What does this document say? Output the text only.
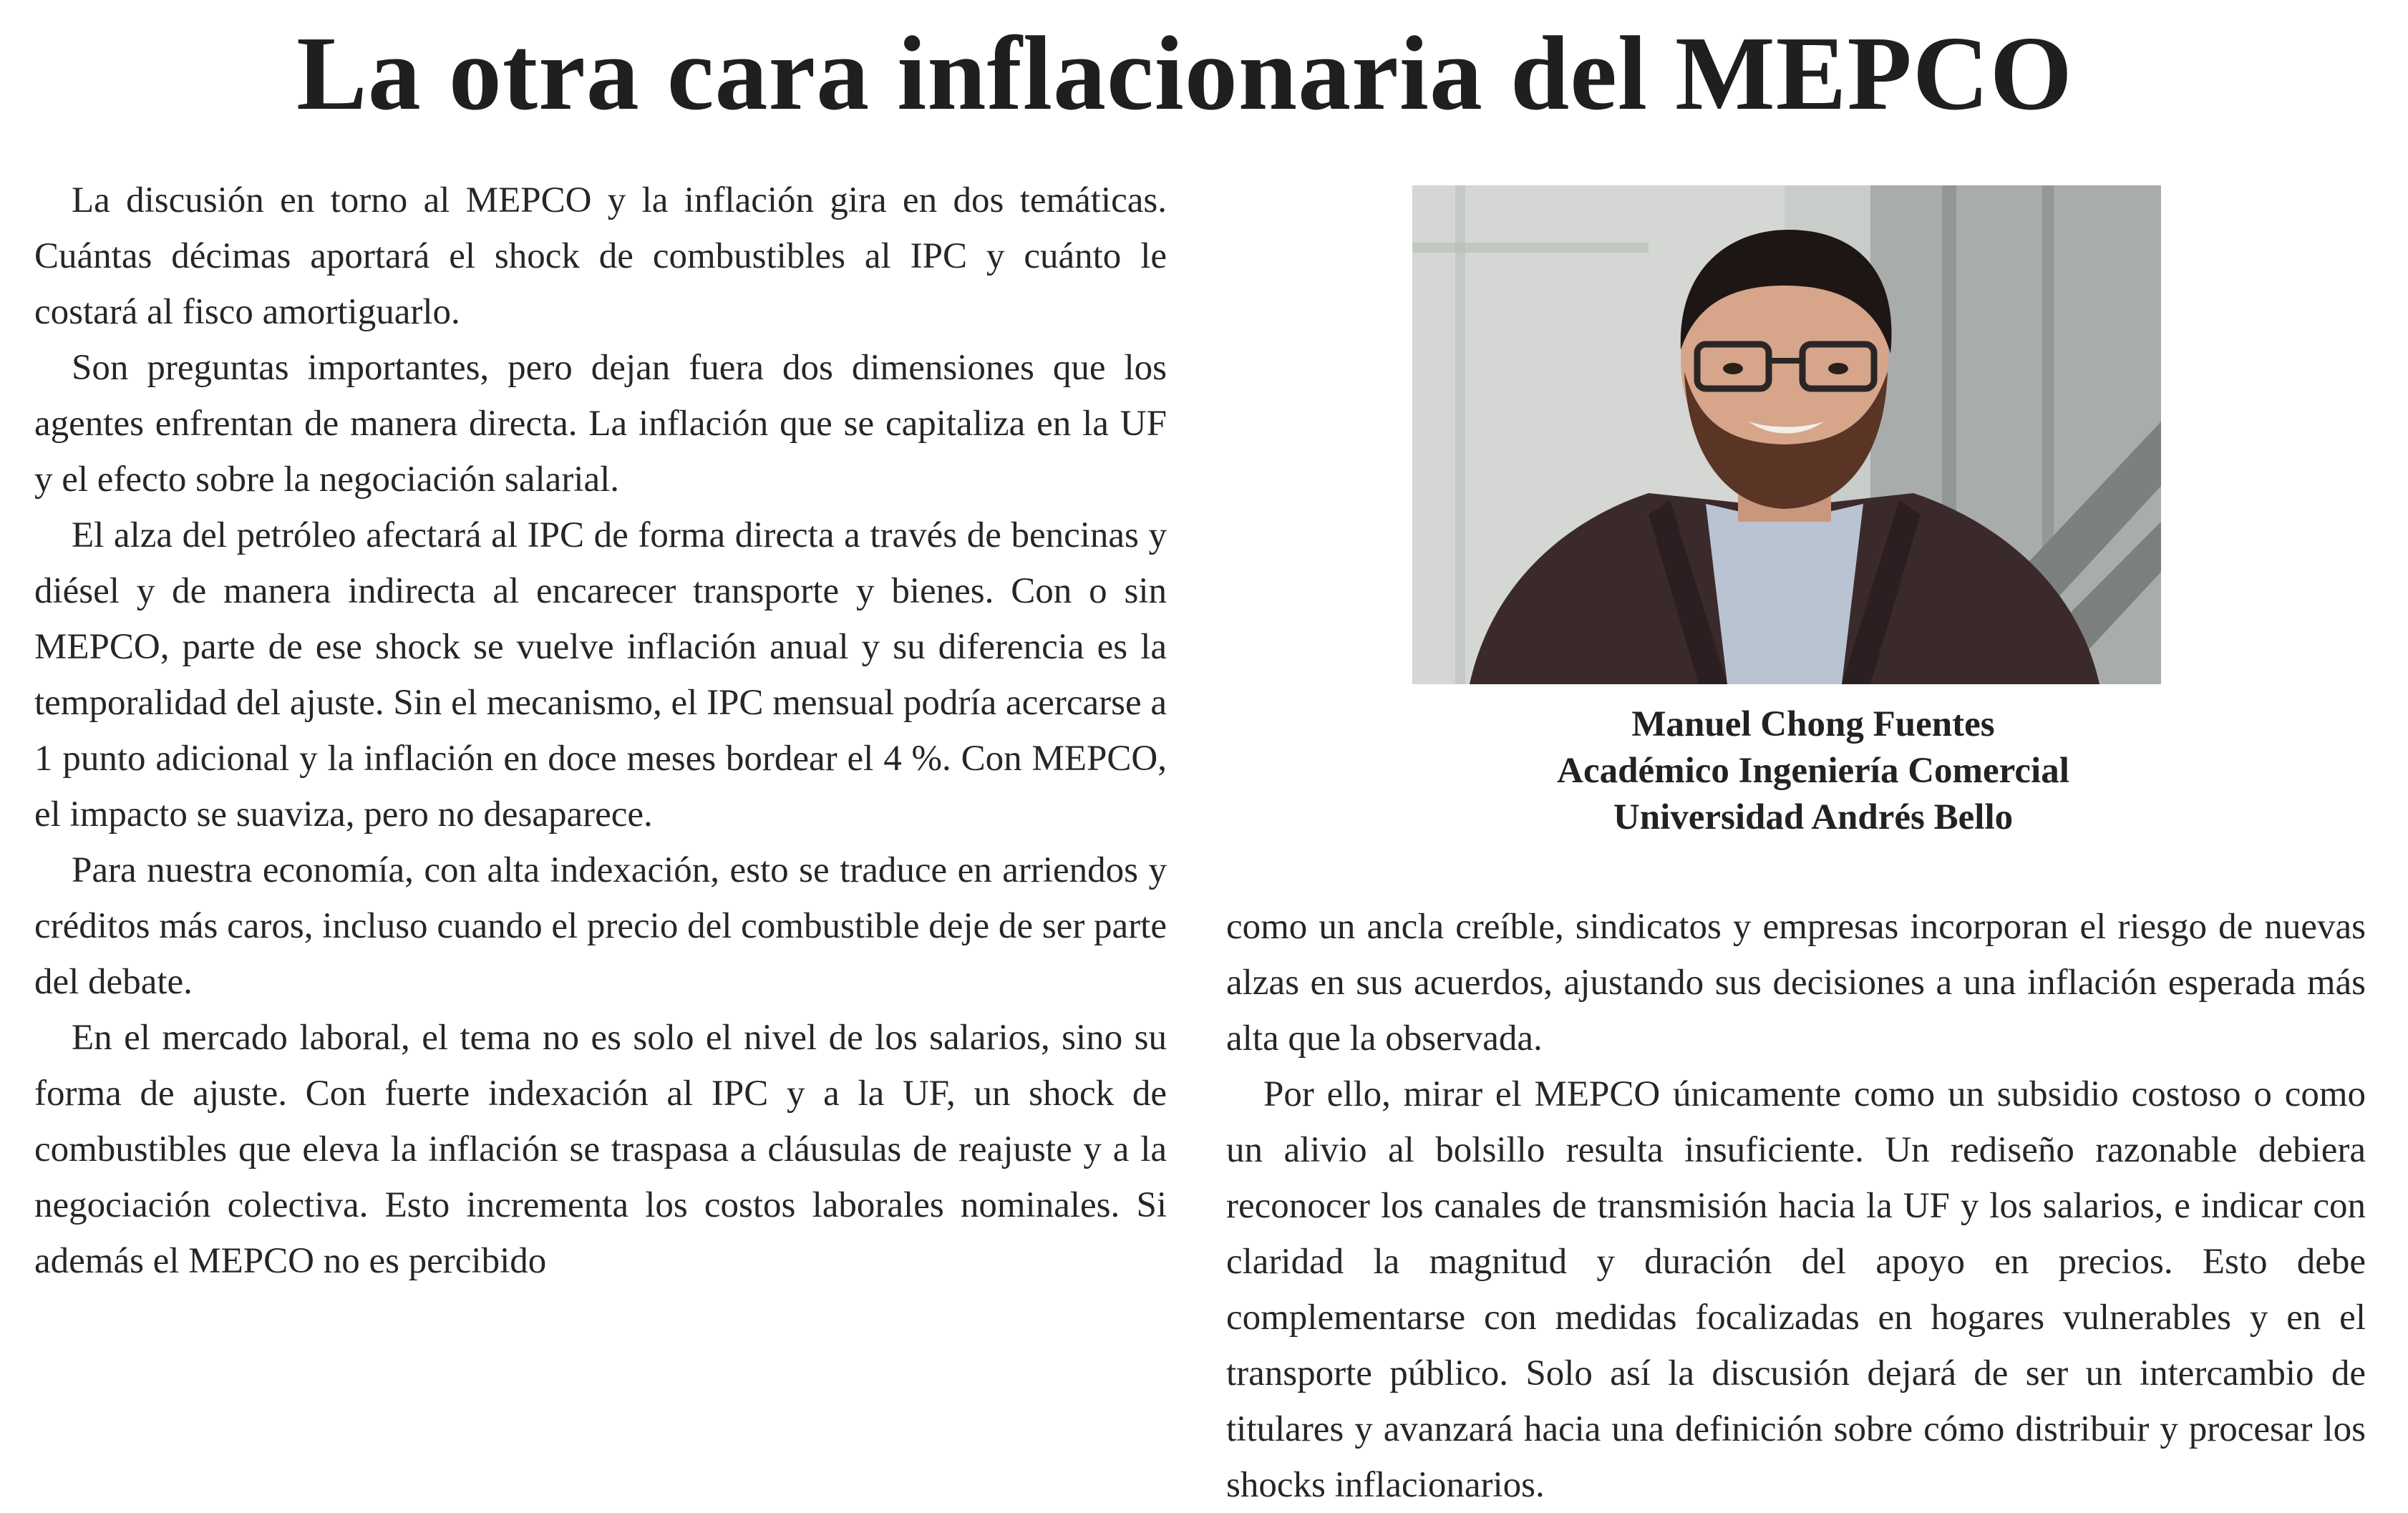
La otra cara inflacionaria del MEPCO

La discusión en torno al MEPCO y la inflación gira en dos temáticas. Cuántas décimas aportará el shock de combustibles al IPC y cuánto le costará al fisco amortiguarlo.

Son preguntas importantes, pero dejan fuera dos dimensiones que los agentes enfrentan de manera directa. La inflación que se capitaliza en la UF y el efecto sobre la negociación salarial.

El alza del petróleo afectará al IPC de forma directa a través de bencinas y diésel y de manera indirecta al encarecer transporte y bienes. Con o sin MEPCO, parte de ese shock se vuelve inflación anual y su diferencia es la temporalidad del ajuste. Sin el mecanismo, el IPC mensual podría acercarse a 1 punto adicional y la inflación en doce meses bordear el 4 %. Con MEPCO, el impacto se suaviza, pero no desaparece.

Para nuestra economía, con alta indexación, esto se traduce en arriendos y créditos más caros, incluso cuando el precio del combustible deje de ser parte del debate.

En el mercado laboral, el tema no es solo el nivel de los salarios, sino su forma de ajuste. Con fuerte indexación al IPC y a la UF, un shock de combustibles que eleva la inflación se traspasa a cláusulas de reajuste y a la negociación colectiva. Esto incrementa los costos laborales nominales. Si además el MEPCO no es percibido

Manuel Chong Fuentes
Académico Ingeniería Comercial
Universidad Andrés Bello

como un ancla creíble, sindicatos y empresas incorporan el riesgo de nuevas alzas en sus acuerdos, ajustando sus decisiones a una inflación esperada más alta que la observada.

Por ello, mirar el MEPCO únicamente como un subsidio costoso o como un alivio al bolsillo resulta insuficiente. Un rediseño razonable debiera reconocer los canales de transmisión hacia la UF y los salarios, e indicar con claridad la magnitud y duración del apoyo en precios. Esto debe complementarse con medidas focalizadas en hogares vulnerables y en el transporte público. Solo así la discusión dejará de ser un intercambio de titulares y avanzará hacia una definición sobre cómo distribuir y procesar los shocks inflacionarios.
